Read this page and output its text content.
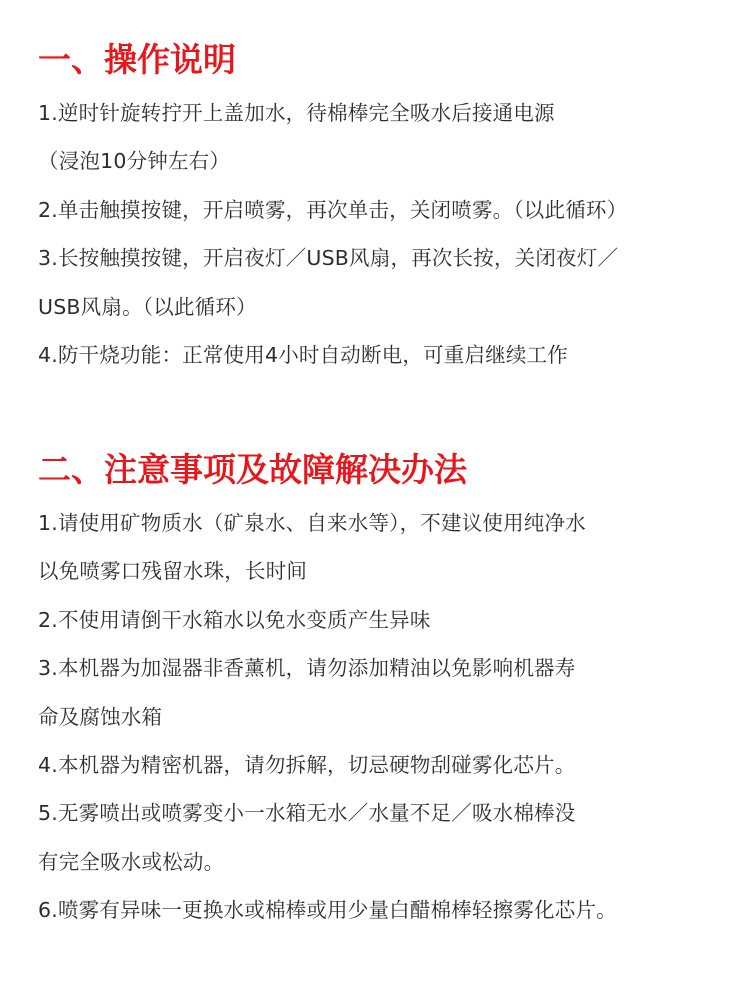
一、操作说明
1.逆时针旋转拧开上盖加水，待棉棒完全吸水后接通电源
（浸泡10分钟左右）
2.单击触摸按键，开启喷雾，再次单击，关闭喷雾。（以此循环）
3.长按触摸按键，开启夜灯／USB风扇，再次长按，关闭夜灯／
USB风扇。（以此循环）
4.防干烧功能：正常使用4小时自动断电，可重启继续工作
二、注意事项及故障解决办法
1.请使用矿物质水（矿泉水、自来水等），不建议使用纯净水
以免喷雾口残留水珠，长时间
2.不使用请倒干水箱水以免水变质产生异味
3.本机器为加湿器非香薰机，请勿添加精油以免影响机器寿
命及腐蚀水箱
4.本机器为精密机器，请勿拆解，切忌硬物刮碰雾化芯片。
5.无雾喷出或喷雾变小一水箱无水／水量不足／吸水棉棒没
有完全吸水或松动。
6.喷雾有异味一更换水或棉棒或用少量白醋棉棒轻擦雾化芯片。
